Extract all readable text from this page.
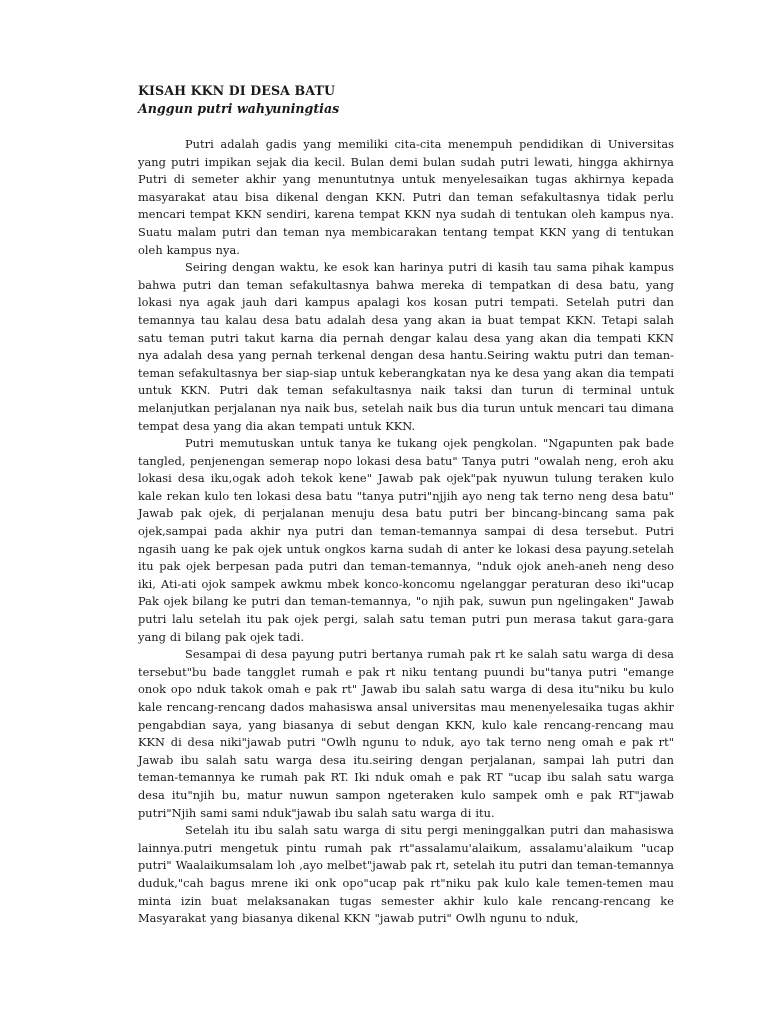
KISAH KKN DI DESA BATU
Anggun putri wahyuningtias

Putri adalah gadis yang memiliki cita-cita menempuh pendidikan di Universitas yang putri impikan sejak dia kecil. Bulan demi bulan sudah putri lewati, hingga akhirnya Putri di semeter akhir yang menuntutnya untuk menyelesaikan tugas akhirnya kepada masyarakat atau bisa dikenal dengan KKN. Putri dan teman sefakultasnya tidak perlu mencari tempat KKN sendiri, karena tempat KKN nya sudah di tentukan oleh kampus nya. Suatu malam putri dan teman nya membicarakan tentang tempat KKN yang di tentukan oleh kampus nya.

Seiring dengan waktu, ke esok kan harinya putri di kasih tau sama pihak kampus bahwa putri dan teman sefakultasnya bahwa mereka di tempatkan di desa batu, yang lokasi nya agak jauh dari kampus apalagi kos kosan putri tempati. Setelah putri dan temannya tau kalau desa batu adalah desa yang akan ia buat tempat KKN. Tetapi salah satu teman putri takut karna dia pernah dengar kalau desa yang akan dia tempati KKN nya adalah desa yang pernah terkenal dengan desa hantu.Seiring waktu putri dan teman-teman sefakultasnya ber siap-siap untuk keberangkatan nya ke desa yang akan dia tempati untuk KKN. Putri dak teman sefakultasnya naik taksi dan turun di terminal untuk melanjutkan perjalanan nya naik bus, setelah naik bus dia turun untuk mencari tau dimana tempat desa yang dia akan tempati untuk KKN.

Putri memutuskan untuk tanya ke tukang ojek pengkolan. "Ngapunten pak bade tangled, penjenengan semerap nopo lokasi desa batu" Tanya putri "owalah neng, eroh aku lokasi desa iku,ogak adoh tekok kene" Jawab pak ojek"pak nyuwun tulung teraken kulo kale rekan kulo ten lokasi desa batu "tanya putri"njjih ayo neng tak terno neng desa batu" Jawab pak ojek, di perjalanan menuju desa batu putri ber bincang-bincang sama pak ojek,sampai pada akhir nya putri dan teman-temannya sampai di desa tersebut. Putri ngasih uang ke pak ojek untuk ongkos karna sudah di anter ke lokasi desa payung.setelah itu pak ojek berpesan pada putri dan teman-temannya, "nduk ojok aneh-aneh neng deso iki, Ati-ati ojok sampek awkmu mbek konco-koncomu ngelanggar peraturan deso iki"ucap Pak ojek bilang ke putri dan teman-temannya, "o njih pak, suwun pun ngelingaken" Jawab putri lalu setelah itu pak ojek pergi, salah satu teman putri pun merasa takut gara-gara yang di bilang pak ojek tadi.

Sesampai di desa payung putri bertanya rumah pak rt ke salah satu warga di desa tersebut"bu bade tangglet rumah e pak rt niku tentang puundi bu"tanya putri "emange onok opo nduk takok omah e pak rt" Jawab ibu salah satu warga di desa itu"niku bu kulo kale rencang-rencang dados mahasiswa ansal universitas mau menenyelesaika tugas akhir pengabdian saya, yang biasanya di sebut dengan KKN, kulo kale rencang-rencang mau KKN di desa niki"jawab putri "Owlh ngunu to nduk, ayo tak terno neng omah e pak rt" Jawab ibu salah satu warga desa itu.seiring dengan perjalanan, sampai lah putri dan teman-temannya ke rumah pak RT. Iki nduk omah e pak RT "ucap ibu salah satu warga desa itu"njih bu, matur nuwun sampon ngeteraken kulo sampek omh e pak RT"jawab putri"Njih sami sami nduk"jawab ibu salah satu warga di itu.

Setelah itu ibu salah satu warga di situ pergi meninggalkan putri dan mahasiswa lainnya.putri mengetuk pintu rumah pak rt"assalamu'alaikum, assalamu'alaikum "ucap putri" Waalaikumsalam loh ,ayo melbet"jawab pak rt, setelah itu putri dan teman-temannya duduk,"cah bagus mrene iki onk opo"ucap pak rt"niku pak kulo kale temen-temen mau minta izin buat melaksanakan tugas semester akhir kulo kale rencang-rencang ke Masyarakat yang biasanya dikenal KKN "jawab putri" Owlh ngunu to nduk,
